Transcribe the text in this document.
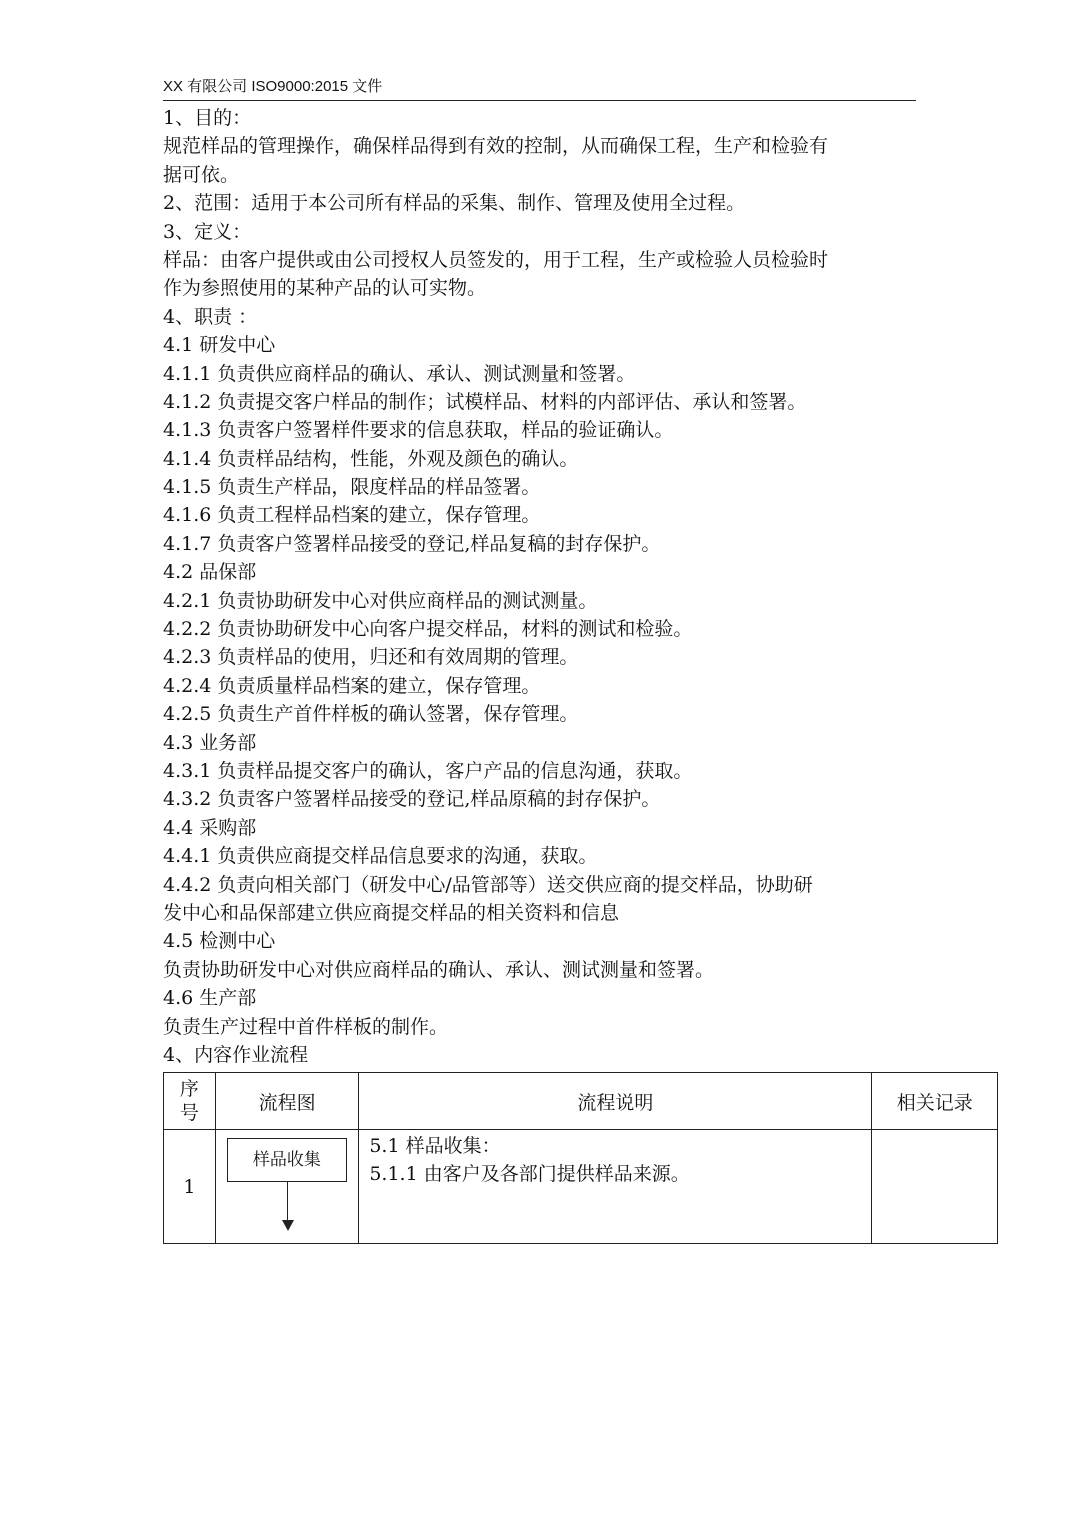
XX 有限公司 ISO9000:2015 文件
1、目的：
规范样品的管理操作，确保样品得到有效的控制，从而确保工程，生产和检验有
据可依。
2、范围：适用于本公司所有样品的采集、制作、管理及使用全过程。
3、定义：
样品：由客户提供或由公司授权人员签发的，用于工程，生产或检验人员检验时
作为参照使用的某种产品的认可实物。
4、职责 ：
4.1 研发中心
4.1.1 负责供应商样品的确认、承认、测试测量和签署。
4.1.2 负责提交客户样品的制作；试模样品、材料的内部评估、承认和签署。
4.1.3 负责客户签署样件要求的信息获取，样品的验证确认。
4.1.4 负责样品结构，性能，外观及颜色的确认。
4.1.5 负责生产样品，限度样品的样品签署。
4.1.6 负责工程样品档案的建立，保存管理。
4.1.7 负责客户签署样品接受的登记,样品复稿的封存保护。
4.2 品保部
4.2.1 负责协助研发中心对供应商样品的测试测量。
4.2.2 负责协助研发中心向客户提交样品，材料的测试和检验。
4.2.3 负责样品的使用，归还和有效周期的管理。
4.2.4 负责质量样品档案的建立，保存管理。
4.2.5 负责生产首件样板的确认签署，保存管理。
4.3 业务部
4.3.1 负责样品提交客户的确认，客户产品的信息沟通，获取。
4.3.2 负责客户签署样品接受的登记,样品原稿的封存保护。
4.4 采购部
4.4.1 负责供应商提交样品信息要求的沟通，获取。
4.4.2 负责向相关部门（研发中心/品管部等）送交供应商的提交样品，协助研
发中心和品保部建立供应商提交样品的相关资料和信息
4.5 检测中心
负责协助研发中心对供应商样品的确认、承认、测试测量和签署。
4.6 生产部
负责生产过程中首件样板的制作。
4、内容作业流程
序
号	流程图	流程说明	相关记录
1	样品收集	5.1 样品收集：
5.1.1 由客户及各部门提供样品来源。	
